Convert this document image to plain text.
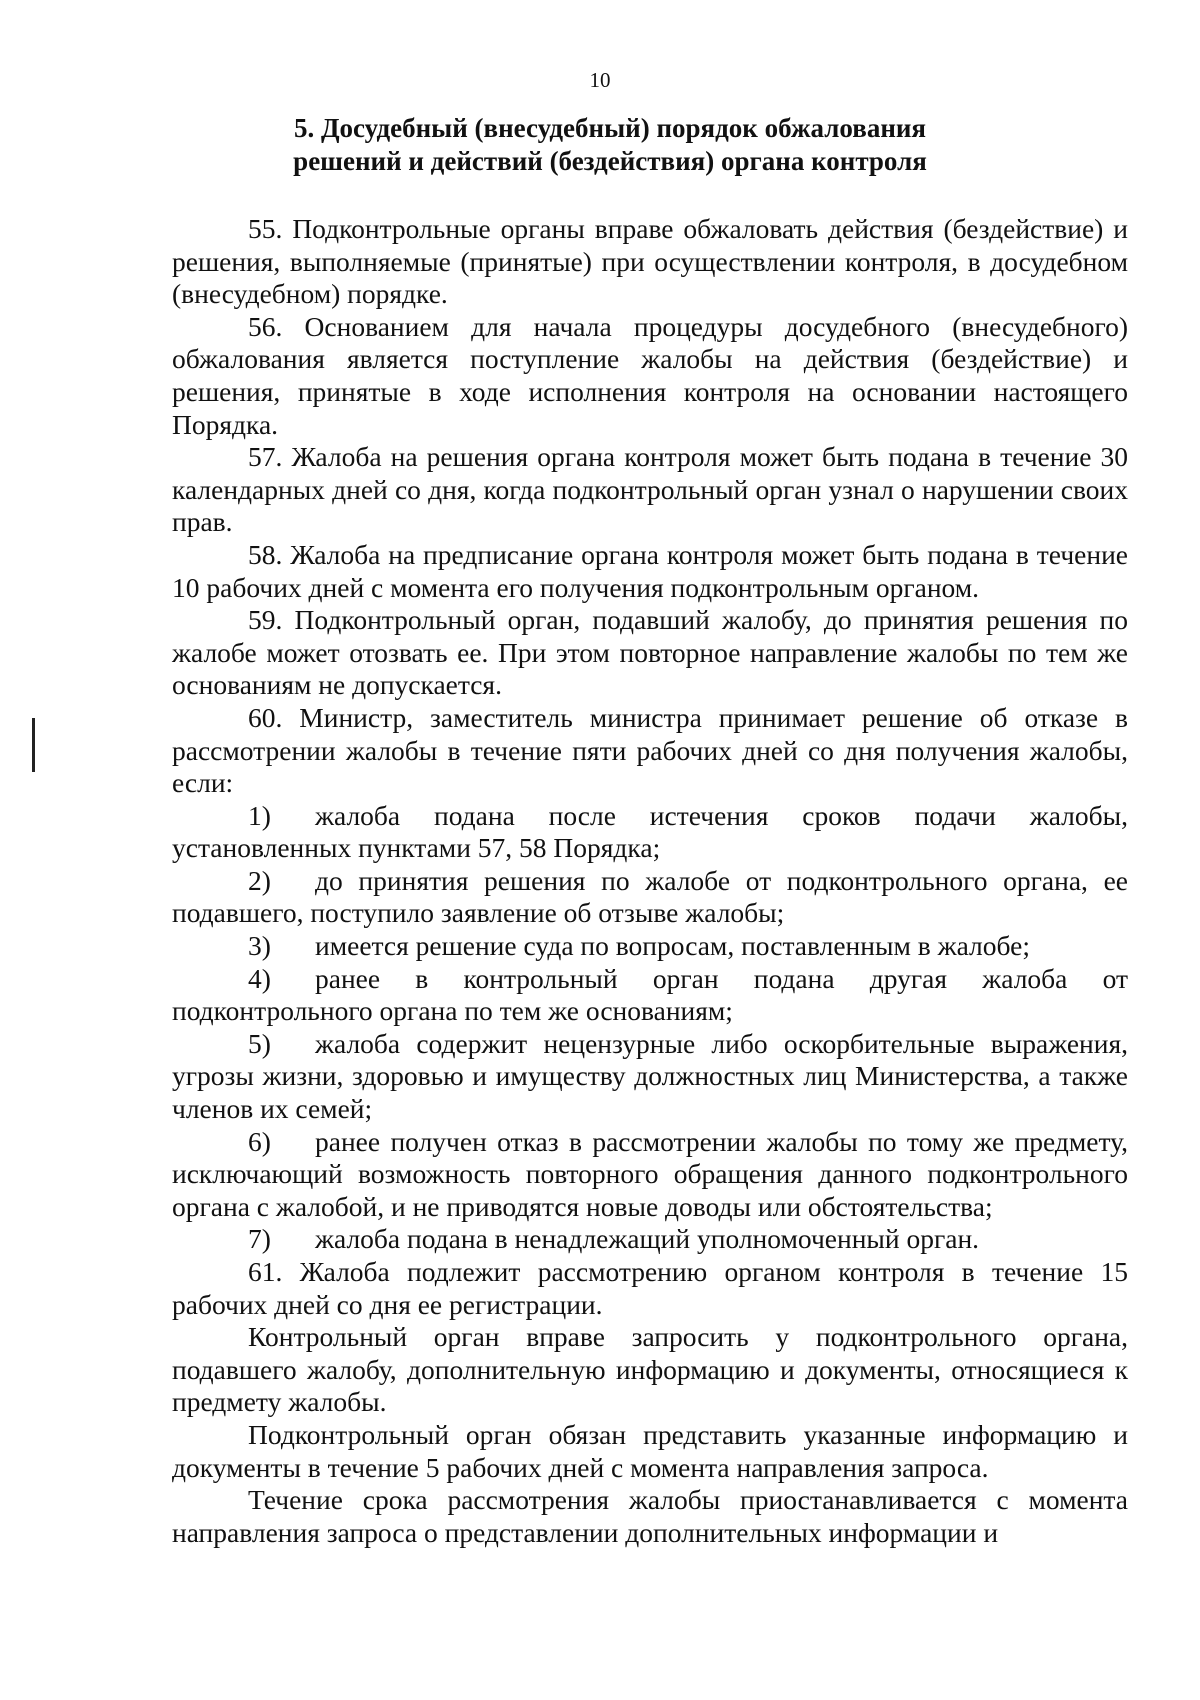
10
5. Досудебный (внесудебный) порядок обжалования
решений и действий (бездействия) органа контроля

55. Подконтрольные органы вправе обжаловать действия (бездействие) и решения, выполняемые (принятые) при осуществлении контроля, в досудебном (внесудебном) порядке.

56. Основанием для начала процедуры досудебного (внесудебного) обжалования является поступление жалобы на действия (бездействие) и решения, принятые в ходе исполнения контроля на основании настоящего Порядка.

57. Жалоба на решения органа контроля может быть подана в течение 30 календарных дней со дня, когда подконтрольный орган узнал о нарушении своих прав.

58. Жалоба на предписание органа контроля может быть подана в течение 10 рабочих дней с момента его получения подконтрольным органом.

59. Подконтрольный орган, подавший жалобу, до принятия решения по жалобе может отозвать ее. При этом повторное направление жалобы по тем же основаниям не допускается.

60. Министр, заместитель министра принимает решение об отказе в рассмотрении жалобы в течение пяти рабочих дней со дня получения жалобы, если:

1) жалоба подана после истечения сроков подачи жалобы, установленных пунктами 57, 58 Порядка;

2) до принятия решения по жалобе от подконтрольного органа, ее подавшего, поступило заявление об отзыве жалобы;

3) имеется решение суда по вопросам, поставленным в жалобе;

4) ранее в контрольный орган подана другая жалоба от подконтрольного органа по тем же основаниям;

5) жалоба содержит нецензурные либо оскорбительные выражения, угрозы жизни, здоровью и имуществу должностных лиц Министерства, а также членов их семей;

6) ранее получен отказ в рассмотрении жалобы по тому же предмету, исключающий возможность повторного обращения данного подконтрольного органа с жалобой, и не приводятся новые доводы или обстоятельства;

7) жалоба подана в ненадлежащий уполномоченный орган.

61. Жалоба подлежит рассмотрению органом контроля в течение 15 рабочих дней со дня ее регистрации.

Контрольный орган вправе запросить у подконтрольного органа, подавшего жалобу, дополнительную информацию и документы, относящиеся к предмету жалобы.

Подконтрольный орган обязан представить указанные информацию и документы в течение 5 рабочих дней с момента направления запроса.

Течение срока рассмотрения жалобы приостанавливается с момента направления запроса о представлении дополнительных информации и
